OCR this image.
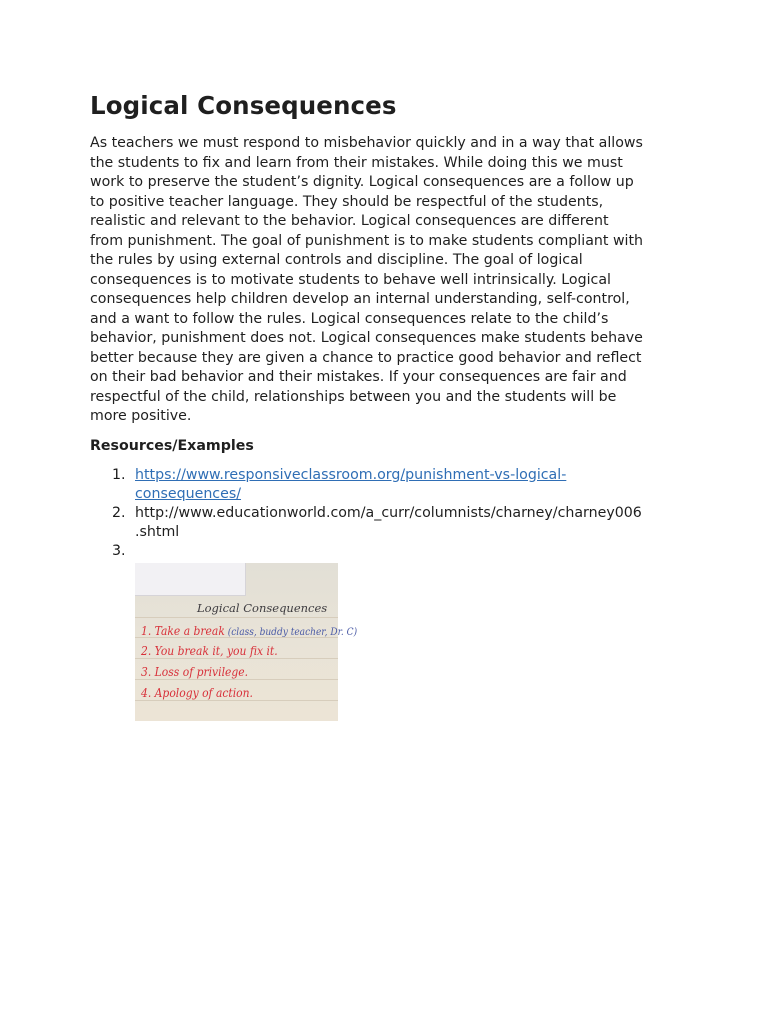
Logical Consequences
As teachers we must respond to misbehavior quickly and in a way that allows
the students to fix and learn from their mistakes. While doing this we must
work to preserve the student’s dignity. Logical consequences are a follow up
to positive teacher language. They should be respectful of the students,
realistic and relevant to the behavior. Logical consequences are different
from punishment. The goal of punishment is to make students compliant with
the rules by using external controls and discipline. The goal of logical
consequences is to motivate students to behave well intrinsically. Logical
consequences help children develop an internal understanding, self-control,
and a want to follow the rules. Logical consequences relate to the child’s
behavior, punishment does not. Logical consequences make students behave
better because they are given a chance to practice good behavior and reflect
on their bad behavior and their mistakes. If your consequences are fair and
respectful of the child, relationships between you and the students will be
more positive.
Resources/Examples
1. https://www.responsiveclassroom.org/punishment-vs-logical-
consequences/
2. http://www.educationworld.com/a_curr/columnists/charney/charney006
.shtml
3.
Logical Consequences
1. Take a break (class, buddy teacher, Dr. C)
2. You break it, you fix it.
3. Loss of privilege.
4. Apology of action.
